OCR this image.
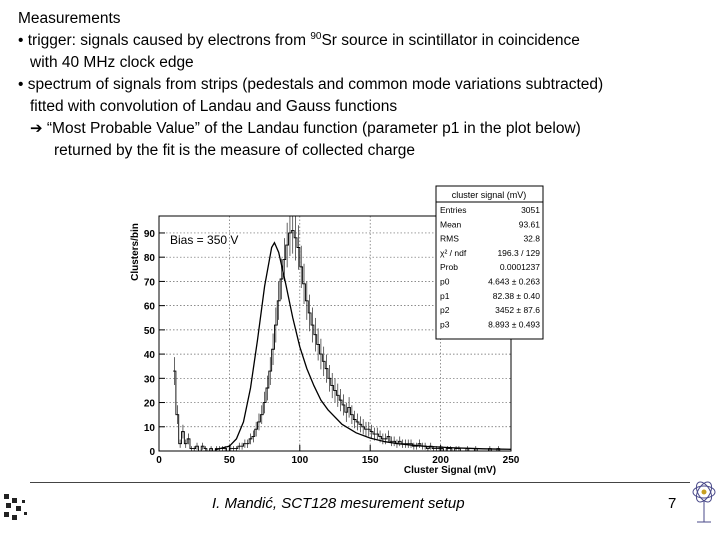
Measurements

• trigger: signals caused by electrons from $^{90}$Sr source in scintillator in coincidence

with 40 MHz clock edge

• spectrum of signals from strips (pedestals and common mode variations subtracted)

fitted with convolution of Landau and Gauss functions

➔ “Most Probable Value” of the Landau function (parameter p1 in the plot below)

returned by the fit is the measure of collected charge

0
10
20
30
40
50
60
70
80
90
0	50	100	150	200	250
Clusters/bin
Cluster Signal (mV)
Bias = 350 V
cluster signal (mV)
Entries	3051
Mean	93.61
RMS	32.8
χ² / ndf	196.3 / 129
Prob	0.0001237
p0	4.643 ± 0.263
p1	82.38 ± 0.40
p2	3452 ± 87.6
p3	8.893 ± 0.493
I. Mandić, SCT128 mesurement setup	7
